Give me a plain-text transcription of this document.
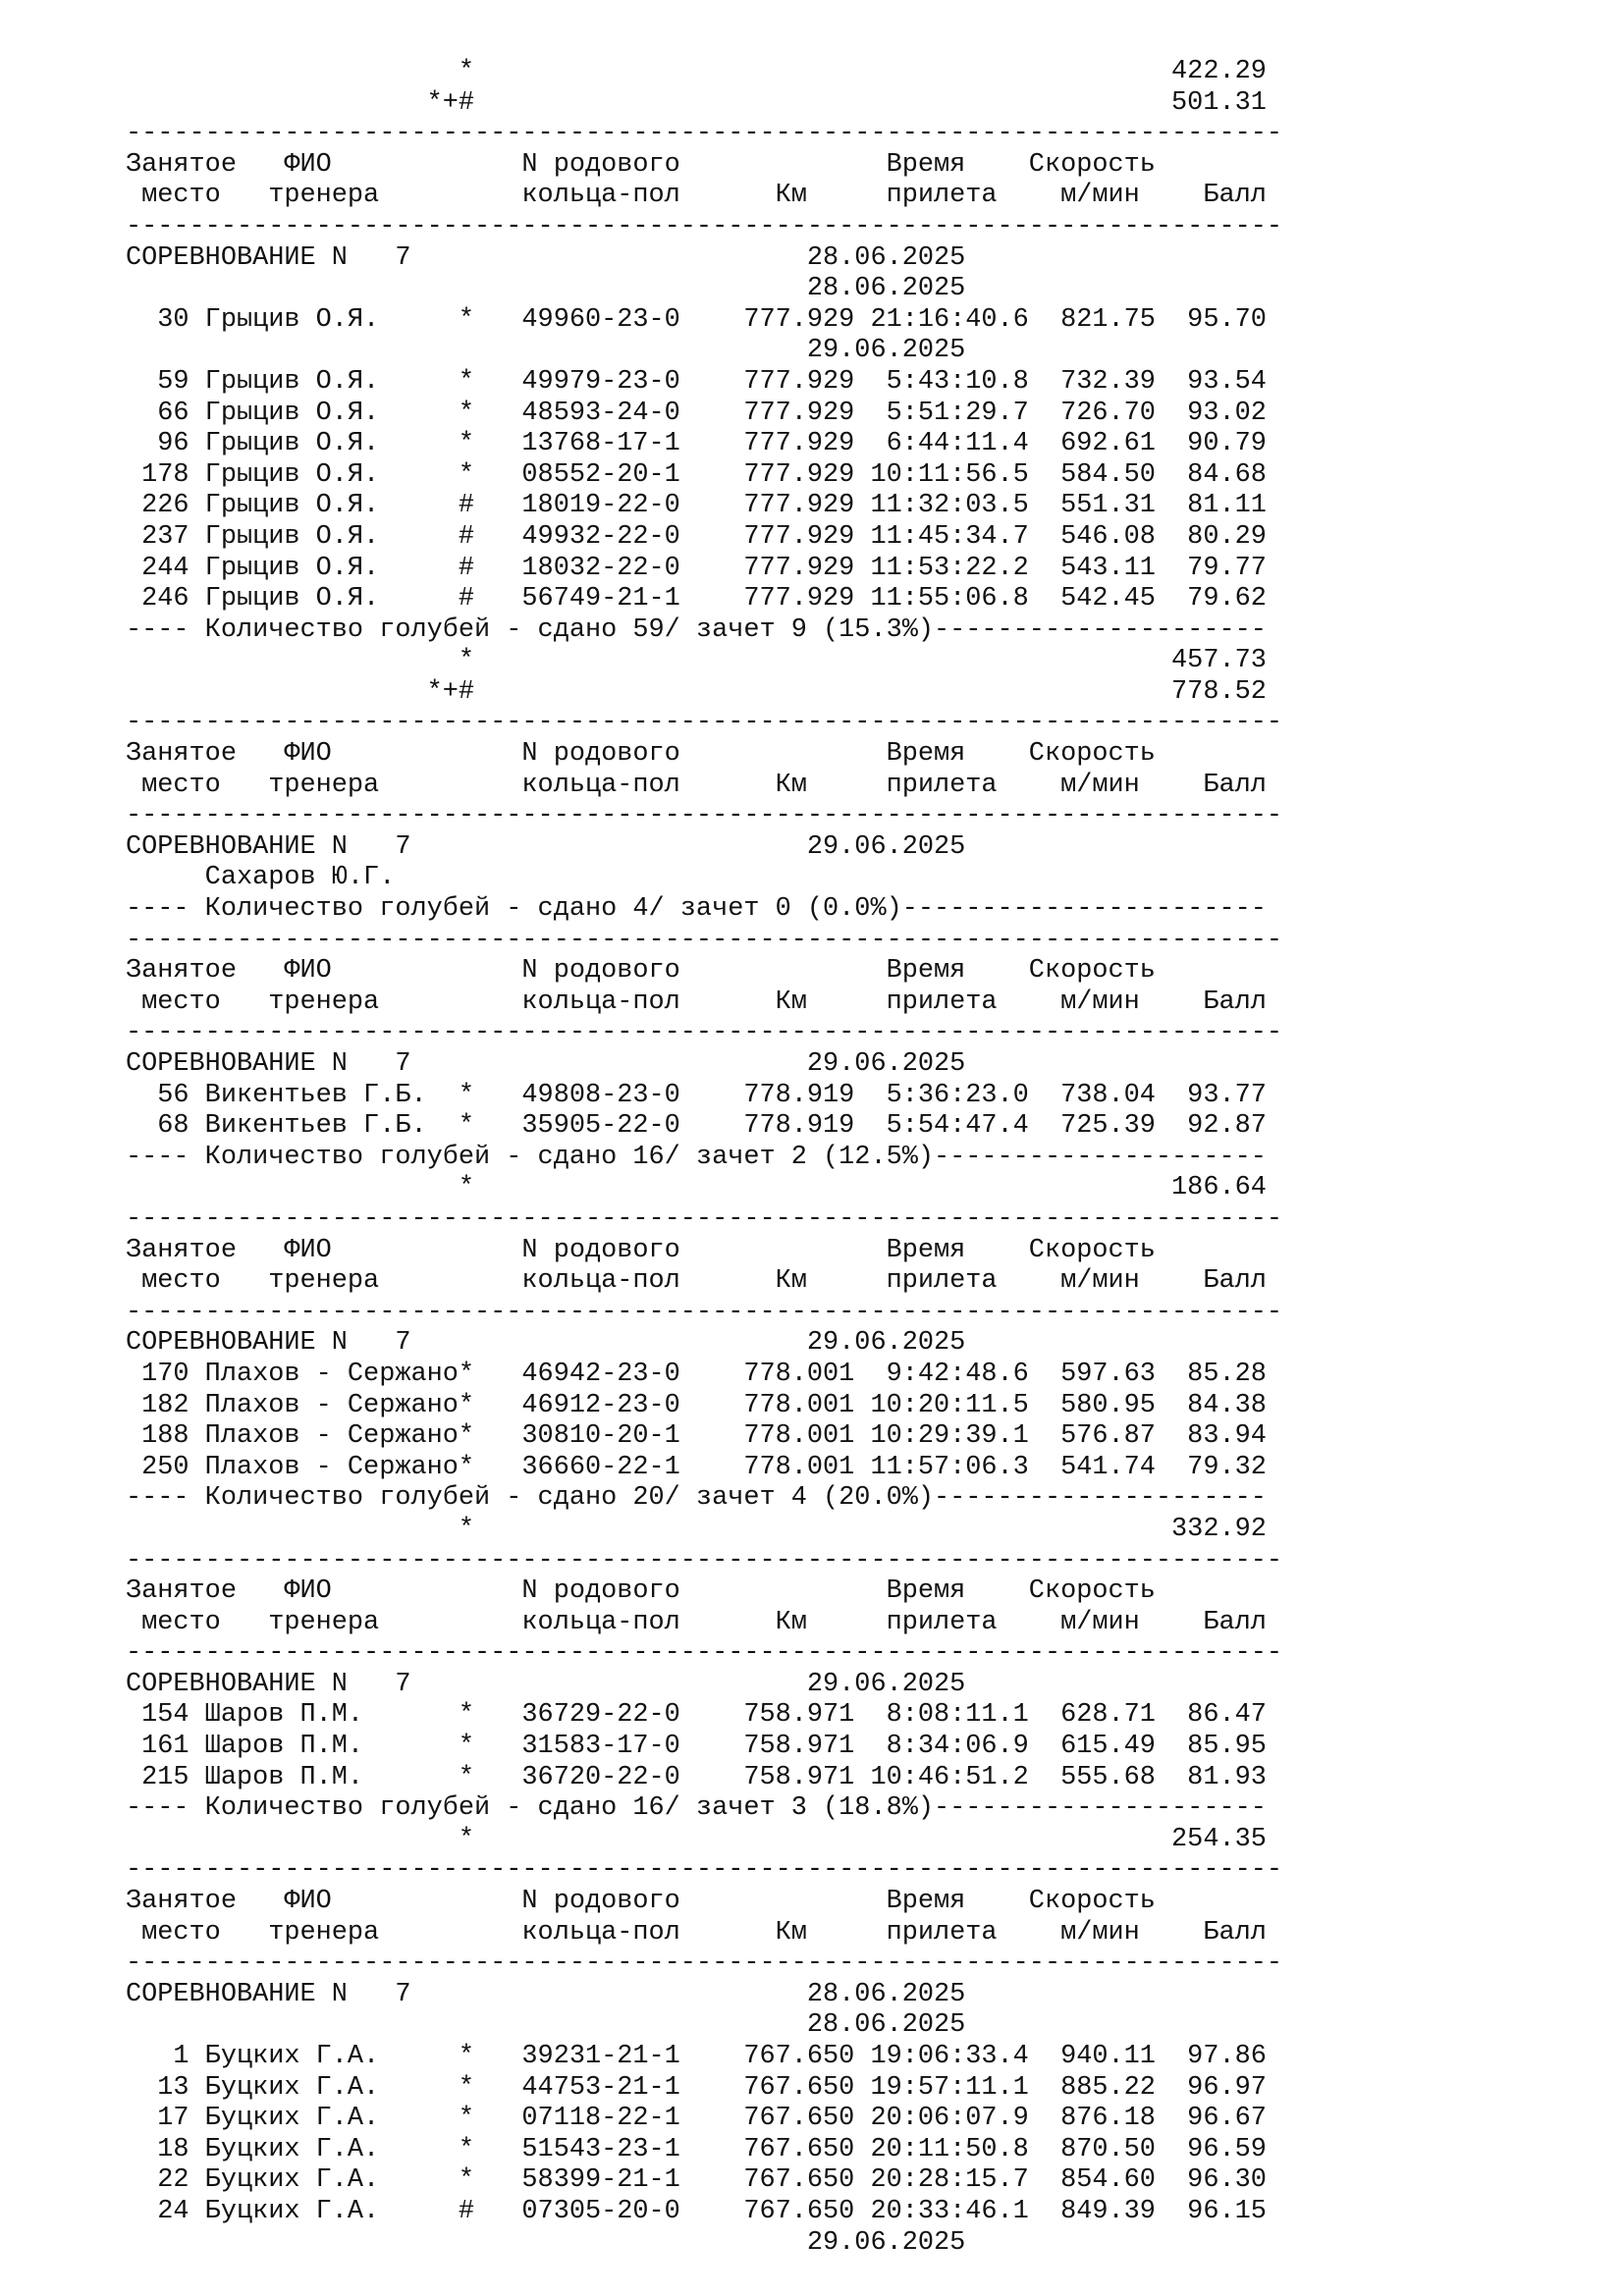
*                                            422.29
*+#                                            501.31
-------------------------------------------------------------------------
Занятое   ФИО            N родового             Время    Скорость
место   тренера         кольца-пол      Км     прилета    м/мин    Балл
-------------------------------------------------------------------------
СОРЕВНОВАНИЕ N   7                         28.06.2025
28.06.2025
30 Грыцив О.Я.     *   49960-23-0    777.929 21:16:40.6  821.75  95.70
29.06.2025
59 Грыцив О.Я.     *   49979-23-0    777.929  5:43:10.8  732.39  93.54
66 Грыцив О.Я.     *   48593-24-0    777.929  5:51:29.7  726.70  93.02
96 Грыцив О.Я.     *   13768-17-1    777.929  6:44:11.4  692.61  90.79
178 Грыцив О.Я.     *   08552-20-1    777.929 10:11:56.5  584.50  84.68
226 Грыцив О.Я.     #   18019-22-0    777.929 11:32:03.5  551.31  81.11
237 Грыцив О.Я.     #   49932-22-0    777.929 11:45:34.7  546.08  80.29
244 Грыцив О.Я.     #   18032-22-0    777.929 11:53:22.2  543.11  79.77
246 Грыцив О.Я.     #   56749-21-1    777.929 11:55:06.8  542.45  79.62
---- Количество голубей - сдано 59/ зачет 9 (15.3%)---------------------
*                                            457.73
*+#                                            778.52
-------------------------------------------------------------------------
Занятое   ФИО            N родового             Время    Скорость
место   тренера         кольца-пол      Км     прилета    м/мин    Балл
-------------------------------------------------------------------------
СОРЕВНОВАНИЕ N   7                         29.06.2025
Сахаров Ю.Г.
---- Количество голубей - сдано 4/ зачет 0 (0.0%)-----------------------
-------------------------------------------------------------------------
Занятое   ФИО            N родового             Время    Скорость
место   тренера         кольца-пол      Км     прилета    м/мин    Балл
-------------------------------------------------------------------------
СОРЕВНОВАНИЕ N   7                         29.06.2025
56 Викентьев Г.Б.  *   49808-23-0    778.919  5:36:23.0  738.04  93.77
68 Викентьев Г.Б.  *   35905-22-0    778.919  5:54:47.4  725.39  92.87
---- Количество голубей - сдано 16/ зачет 2 (12.5%)---------------------
*                                            186.64
-------------------------------------------------------------------------
Занятое   ФИО            N родового             Время    Скорость
место   тренера         кольца-пол      Км     прилета    м/мин    Балл
-------------------------------------------------------------------------
СОРЕВНОВАНИЕ N   7                         29.06.2025
170 Плахов - Сержано*   46942-23-0    778.001  9:42:48.6  597.63  85.28
182 Плахов - Сержано*   46912-23-0    778.001 10:20:11.5  580.95  84.38
188 Плахов - Сержано*   30810-20-1    778.001 10:29:39.1  576.87  83.94
250 Плахов - Сержано*   36660-22-1    778.001 11:57:06.3  541.74  79.32
---- Количество голубей - сдано 20/ зачет 4 (20.0%)---------------------
*                                            332.92
-------------------------------------------------------------------------
Занятое   ФИО            N родового             Время    Скорость
место   тренера         кольца-пол      Км     прилета    м/мин    Балл
-------------------------------------------------------------------------
СОРЕВНОВАНИЕ N   7                         29.06.2025
154 Шаров П.М.      *   36729-22-0    758.971  8:08:11.1  628.71  86.47
161 Шаров П.М.      *   31583-17-0    758.971  8:34:06.9  615.49  85.95
215 Шаров П.М.      *   36720-22-0    758.971 10:46:51.2  555.68  81.93
---- Количество голубей - сдано 16/ зачет 3 (18.8%)---------------------
*                                            254.35
-------------------------------------------------------------------------
Занятое   ФИО            N родового             Время    Скорость
место   тренера         кольца-пол      Км     прилета    м/мин    Балл
-------------------------------------------------------------------------
СОРЕВНОВАНИЕ N   7                         28.06.2025
28.06.2025
1 Буцких Г.А.     *   39231-21-1    767.650 19:06:33.4  940.11  97.86
13 Буцких Г.А.     *   44753-21-1    767.650 19:57:11.1  885.22  96.97
17 Буцких Г.А.     *   07118-22-1    767.650 20:06:07.9  876.18  96.67
18 Буцких Г.А.     *   51543-23-1    767.650 20:11:50.8  870.50  96.59
22 Буцких Г.А.     *   58399-21-1    767.650 20:28:15.7  854.60  96.30
24 Буцких Г.А.     #   07305-20-0    767.650 20:33:46.1  849.39  96.15
29.06.2025
